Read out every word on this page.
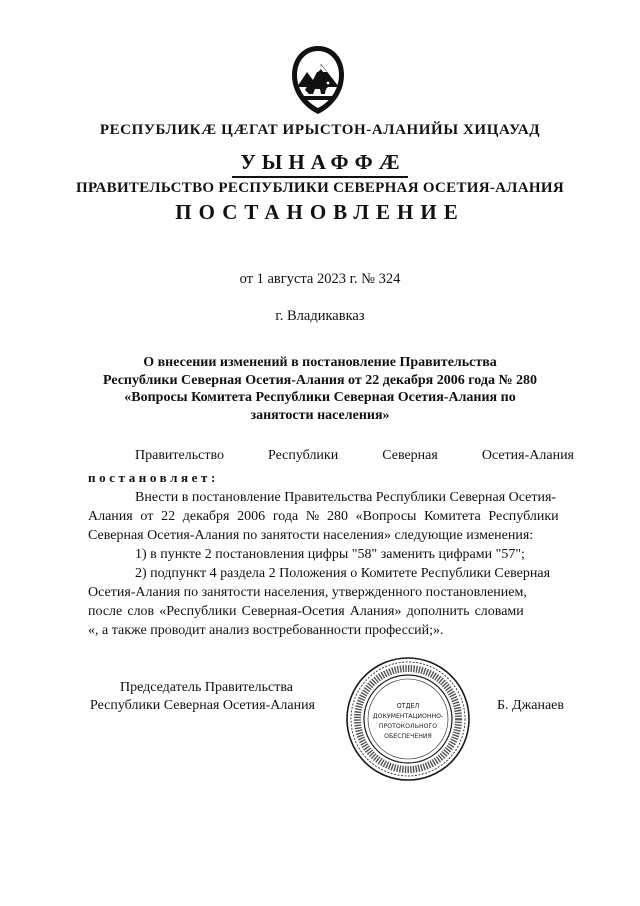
РЕСПУБЛИКÆ ЦÆГАТ ИРЫСТОН-АЛАНИЙЫ ХИЦАУАД
УЫНАФФÆ
ПРАВИТЕЛЬСТВО РЕСПУБЛИКИ СЕВЕРНАЯ ОСЕТИЯ-АЛАНИЯ
ПОСТАНОВЛЕНИЕ
от 1 августа 2023 г. № 324
г. Владикавказ
О внесении изменений в постановление Правительства
Республики Северная Осетия-Алания от 22 декабря 2006 года № 280
«Вопросы Комитета Республики Северная Осетия-Алания по
занятости населения»
Правительство	Республики	Северная	Осетия-Алания
постановляет:
Внести в постановление Правительства Республики Северная Осетия-
Алания от 22 декабря 2006 года № 280 «Вопросы Комитета Республики
Северная Осетия-Алания по занятости населения» следующие изменения:
1) в пункте 2 постановления цифры "58" заменить цифрами "57";
2) подпункт 4 раздела 2 Положения о Комитете Республики Северная
Осетия-Алания по занятости населения, утвержденного постановлением,
после слов «Республики Северная-Осетия Алания» дополнить словами
«, а также проводит анализ востребованности профессий;».
Председатель Правительства
Республики Северная Осетия-Алания	Б. Джанаев
ОТДЕЛ
ДОКУМЕНТАЦИОННО-
ПРОТОКОЛЬНОГО
ОБЕСПЕЧЕНИЯ
